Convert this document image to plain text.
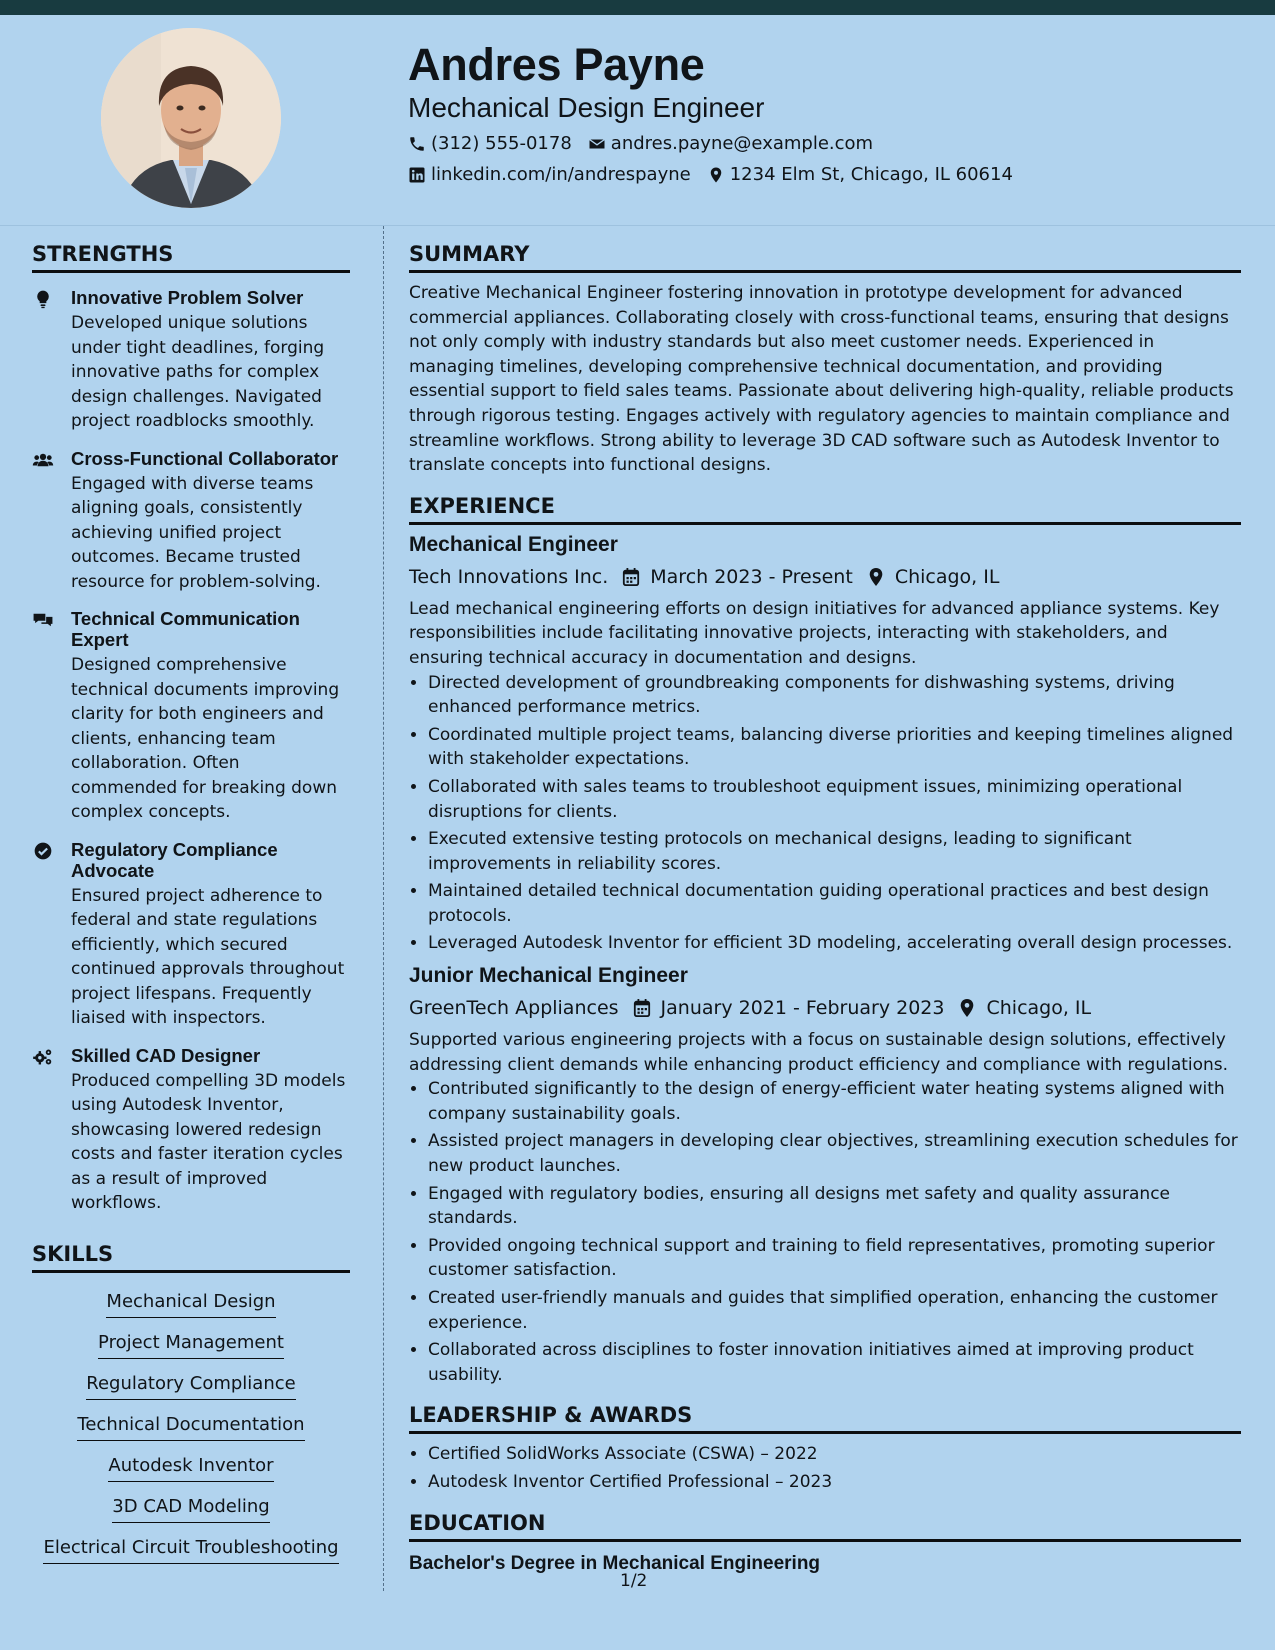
Andres Payne
Mechanical Design Engineer
(312) 555-0178 andres.payne@example.com
linkedin.com/in/andrespayne 1234 Elm St, Chicago, IL 60614
STRENGTHS
Innovative Problem Solver
Developed unique solutions under tight deadlines, forging innovative paths for complex design challenges. Navigated project roadblocks smoothly.
Cross-Functional Collaborator
Engaged with diverse teams aligning goals, consistently achieving unified project outcomes. Became trusted resource for problem-solving.
Technical Communication Expert
Designed comprehensive technical documents improving clarity for both engineers and clients, enhancing team collaboration. Often commended for breaking down complex concepts.
Regulatory Compliance Advocate
Ensured project adherence to federal and state regulations efficiently, which secured continued approvals throughout project lifespans. Frequently liaised with inspectors.
Skilled CAD Designer
Produced compelling 3D models using Autodesk Inventor, showcasing lowered redesign costs and faster iteration cycles as a result of improved workflows.
SKILLS
Mechanical Design
Project Management
Regulatory Compliance
Technical Documentation
Autodesk Inventor
3D CAD Modeling
Electrical Circuit Troubleshooting
SUMMARY
Creative Mechanical Engineer fostering innovation in prototype development for advanced commercial appliances. Collaborating closely with cross-functional teams, ensuring that designs not only comply with industry standards but also meet customer needs. Experienced in managing timelines, developing comprehensive technical documentation, and providing essential support to field sales teams. Passionate about delivering high-quality, reliable products through rigorous testing. Engages actively with regulatory agencies to maintain compliance and streamline workflows. Strong ability to leverage 3D CAD software such as Autodesk Inventor to translate concepts into functional designs.
EXPERIENCE
Mechanical Engineer
Tech Innovations Inc. March 2023 - Present Chicago, IL
Lead mechanical engineering efforts on design initiatives for advanced appliance systems. Key responsibilities include facilitating innovative projects, interacting with stakeholders, and ensuring technical accuracy in documentation and designs.
• Directed development of groundbreaking components for dishwashing systems, driving enhanced performance metrics.
• Coordinated multiple project teams, balancing diverse priorities and keeping timelines aligned with stakeholder expectations.
• Collaborated with sales teams to troubleshoot equipment issues, minimizing operational disruptions for clients.
• Executed extensive testing protocols on mechanical designs, leading to significant improvements in reliability scores.
• Maintained detailed technical documentation guiding operational practices and best design protocols.
• Leveraged Autodesk Inventor for efficient 3D modeling, accelerating overall design processes.
Junior Mechanical Engineer
GreenTech Appliances January 2021 - February 2023 Chicago, IL
Supported various engineering projects with a focus on sustainable design solutions, effectively addressing client demands while enhancing product efficiency and compliance with regulations.
• Contributed significantly to the design of energy-efficient water heating systems aligned with company sustainability goals.
• Assisted project managers in developing clear objectives, streamlining execution schedules for new product launches.
• Engaged with regulatory bodies, ensuring all designs met safety and quality assurance standards.
• Provided ongoing technical support and training to field representatives, promoting superior customer satisfaction.
• Created user-friendly manuals and guides that simplified operation, enhancing the customer experience.
• Collaborated across disciplines to foster innovation initiatives aimed at improving product usability.
LEADERSHIP & AWARDS
• Certified SolidWorks Associate (CSWA) – 2022
• Autodesk Inventor Certified Professional – 2023
EDUCATION
Bachelor's Degree in Mechanical Engineering
1/2
